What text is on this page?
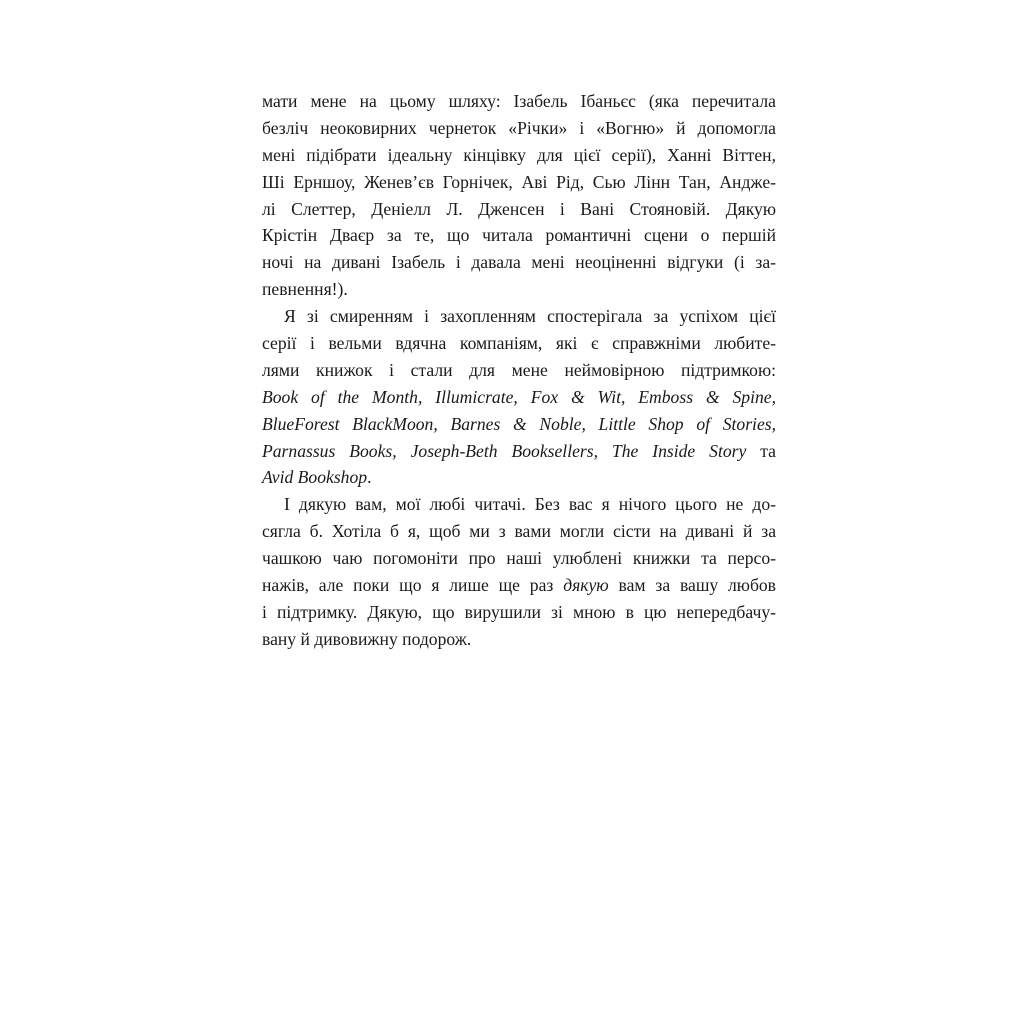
мати мене на цьому шляху: Ізабель Ібаньєс (яка перечитала
безліч неоковирних чернеток «Річки» і «Вогню» й допомогла
мені підібрати ідеальну кінцівку для цієї серії), Ханні Віттен,
Ші Ерншоу, Женев’єв Горнічек, Аві Рід, Сью Лінн Тан, Андже-
лі Слеттер, Деніелл Л. Дженсен і Вані Стояновій. Дякую
Крістін Дваєр за те, що читала романтичні сцени о першій
ночі на дивані Ізабель і давала мені неоціненні відгуки (і за-
певнення!).
Я зі смиренням і захопленням спостерігала за успіхом цієї
серії і вельми вдячна компаніям, які є справжніми любите-
лями книжок і стали для мене неймовірною підтримкою:
Book of the Month, Illumicrate, Fox & Wit, Emboss & Spine,
BlueForest BlackMoon, Barnes & Noble, Little Shop of Stories,
Parnassus Books, Joseph-Beth Booksellers, The Inside Story та
Avid Bookshop.
І дякую вам, мої любі читачі. Без вас я нічого цього не до-
сягла б. Хотіла б я, щоб ми з вами могли сісти на дивані й за
чашкою чаю погомоніти про наші улюблені книжки та персо-
нажів, але поки що я лише ще раз дякую вам за вашу любов
і підтримку. Дякую, що вирушили зі мною в цю непередбачу-
вану й дивовижну подорож.
